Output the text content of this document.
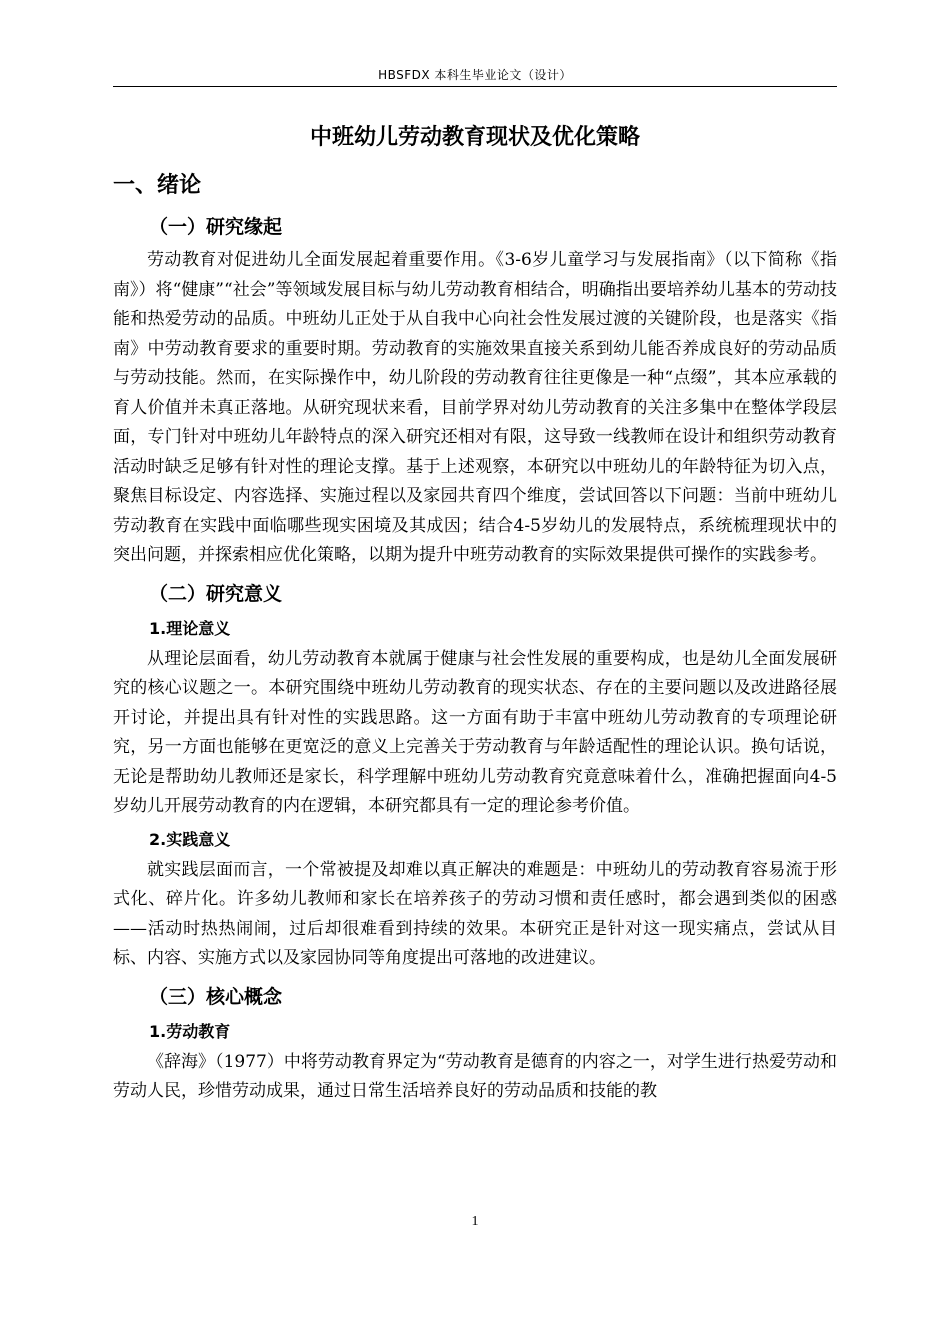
HBSFDX 本科生毕业论文（设计）
中班幼儿劳动教育现状及优化策略
一、绪论
（一）研究缘起

劳动教育对促进幼儿全面发展起着重要作用。《3-6岁儿童学习与发展指南》（以下简称《指南》）将“健康”“社会”等领域发展目标与幼儿劳动教育相结合，明确指出要培养幼儿基本的劳动技能和热爱劳动的品质。中班幼儿正处于从自我中心向社会性发展过渡的关键阶段，也是落实《指南》中劳动教育要求的重要时期。劳动教育的实施效果直接关系到幼儿能否养成良好的劳动品质与劳动技能。然而，在实际操作中，幼儿阶段的劳动教育往往更像是一种“点缀”，其本应承载的育人价值并未真正落地。从研究现状来看，目前学界对幼儿劳动教育的关注多集中在整体学段层面，专门针对中班幼儿年龄特点的深入研究还相对有限，这导致一线教师在设计和组织劳动教育活动时缺乏足够有针对性的理论支撑。基于上述观察，本研究以中班幼儿的年龄特征为切入点，聚焦目标设定、内容选择、实施过程以及家园共育四个维度，尝试回答以下问题：当前中班幼儿劳动教育在实践中面临哪些现实困境及其成因；结合4-5岁幼儿的发展特点，系统梳理现状中的突出问题，并探索相应优化策略，以期为提升中班劳动教育的实际效果提供可操作的实践参考。

（二）研究意义
1.理论意义

从理论层面看，幼儿劳动教育本就属于健康与社会性发展的重要构成，也是幼儿全面发展研究的核心议题之一。本研究围绕中班幼儿劳动教育的现实状态、存在的主要问题以及改进路径展开讨论，并提出具有针对性的实践思路。这一方面有助于丰富中班幼儿劳动教育的专项理论研究，另一方面也能够在更宽泛的意义上完善关于劳动教育与年龄适配性的理论认识。换句话说，无论是帮助幼儿教师还是家长，科学理解中班幼儿劳动教育究竟意味着什么，准确把握面向4-5岁幼儿开展劳动教育的内在逻辑，本研究都具有一定的理论参考价值。

2.实践意义

就实践层面而言，一个常被提及却难以真正解决的难题是：中班幼儿的劳动教育容易流于形式化、碎片化。许多幼儿教师和家长在培养孩子的劳动习惯和责任感时，都会遇到类似的困惑——活动时热热闹闹，过后却很难看到持续的效果。本研究正是针对这一现实痛点，尝试从目标、内容、实施方式以及家园协同等角度提出可落地的改进建议。

（三）核心概念
1.劳动教育

《辞海》（1977）中将劳动教育界定为“劳动教育是德育的内容之一，对学生进行热爱劳动和劳动人民，珍惜劳动成果，通过日常生活培养良好的劳动品质和技能的教

1
